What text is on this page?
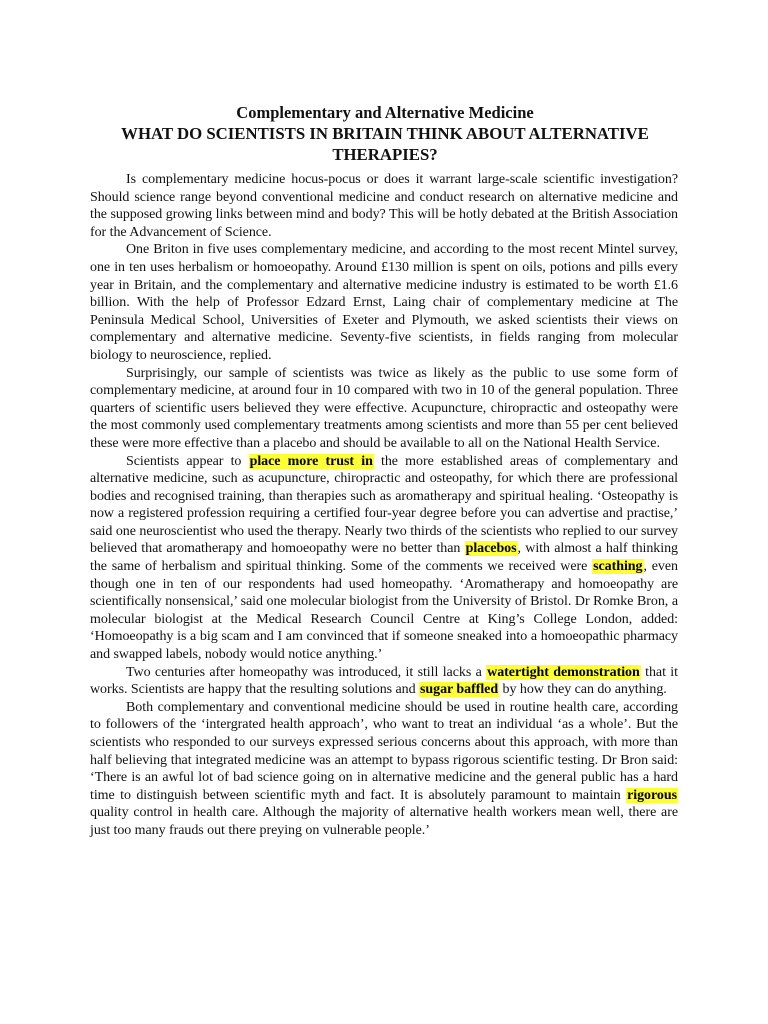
Complementary and Alternative Medicine
WHAT DO SCIENTISTS IN BRITAIN THINK ABOUT ALTERNATIVE THERAPIES?

Is complementary medicine hocus-pocus or does it warrant large-scale scientific investigation? Should science range beyond conventional medicine and conduct research on alternative medicine and the supposed growing links between mind and body? This will be hotly debated at the British Association for the Advancement of Science.

One Briton in five uses complementary medicine, and according to the most recent Mintel survey, one in ten uses herbalism or homoeopathy. Around £130 million is spent on oils, potions and pills every year in Britain, and the complementary and alternative medicine industry is estimated to be worth £1.6 billion. With the help of Professor Edzard Ernst, Laing chair of complementary medicine at The Peninsula Medical School, Universities of Exeter and Plymouth, we asked scientists their views on complementary and alternative medicine. Seventy-five scientists, in fields ranging from molecular biology to neuroscience, replied.

Surprisingly, our sample of scientists was twice as likely as the public to use some form of complementary medicine, at around four in 10 compared with two in 10 of the general population. Three quarters of scientific users believed they were effective. Acupuncture, chiropractic and osteopathy were the most commonly used complementary treatments among scientists and more than 55 per cent believed these were more effective than a placebo and should be available to all on the National Health Service.

Scientists appear to place more trust in the more established areas of complementary and alternative medicine, such as acupuncture, chiropractic and osteopathy, for which there are professional bodies and recognised training, than therapies such as aromatherapy and spiritual healing. ‘Osteopathy is now a registered profession requiring a certified four-year degree before you can advertise and practise,’ said one neuroscientist who used the therapy. Nearly two thirds of the scientists who replied to our survey believed that aromatherapy and homoeopathy were no better than placebos, with almost a half thinking the same of herbalism and spiritual thinking. Some of the comments we received were scathing, even though one in ten of our respondents had used homeopathy. ‘Aromatherapy and homoeopathy are scientifically nonsensical,’ said one molecular biologist from the University of Bristol. Dr Romke Bron, a molecular biologist at the Medical Research Council Centre at King’s College London, added: ‘Homoeopathy is a big scam and I am convinced that if someone sneaked into a homoeopathic pharmacy and swapped labels, nobody would notice anything.’

Two centuries after homeopathy was introduced, it still lacks a watertight demonstration that it works. Scientists are happy that the resulting solutions and sugar baffled by how they can do anything.

Both complementary and conventional medicine should be used in routine health care, according to followers of the ‘intergrated health approach’, who want to treat an individual ‘as a whole’. But the scientists who responded to our surveys expressed serious concerns about this approach, with more than half believing that integrated medicine was an attempt to bypass rigorous scientific testing. Dr Bron said: ‘There is an awful lot of bad science going on in alternative medicine and the general public has a hard time to distinguish between scientific myth and fact. It is absolutely paramount to maintain rigorous quality control in health care. Although the majority of alternative health workers mean well, there are just too many frauds out there preying on vulnerable people.’
